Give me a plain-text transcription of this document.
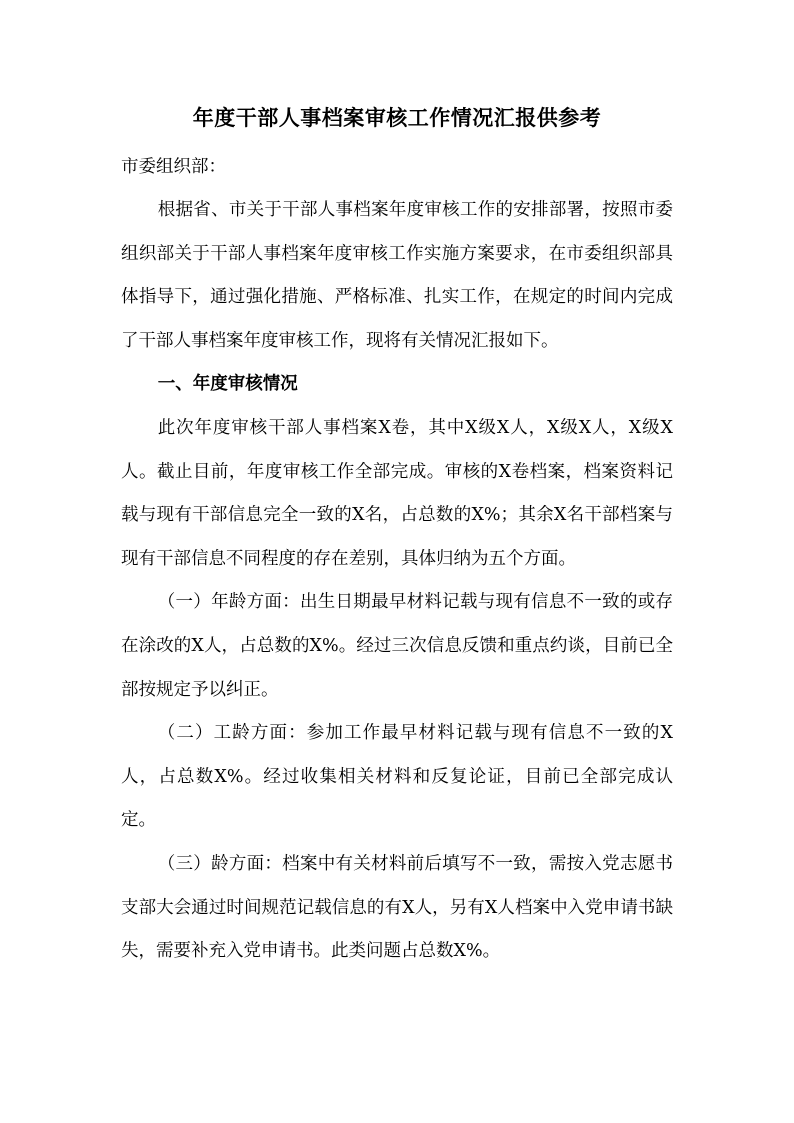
年度干部人事档案审核工作情况汇报供参考
市委组织部：

根据省、市关于干部人事档案年度审核工作的安排部署，按照市委组织部关于干部人事档案年度审核工作实施方案要求，在市委组织部具体指导下，通过强化措施、严格标准、扎实工作，在规定的时间内完成了干部人事档案年度审核工作，现将有关情况汇报如下。

一、年度审核情况

此次年度审核干部人事档案X卷，其中X级X人，X级X人，X级X人。截止目前，年度审核工作全部完成。审核的X卷档案，档案资料记载与现有干部信息完全一致的X名，占总数的X%；其余X名干部档案与现有干部信息不同程度的存在差别，具体归纳为五个方面。

（一）年龄方面：出生日期最早材料记载与现有信息不一致的或存在涂改的X人，占总数的X%。经过三次信息反馈和重点约谈，目前已全部按规定予以纠正。

（二）工龄方面：参加工作最早材料记载与现有信息不一致的X人，占总数X%。经过收集相关材料和反复论证，目前已全部完成认定。

（三）龄方面：档案中有关材料前后填写不一致，需按入党志愿书支部大会通过时间规范记载信息的有X人，另有X人档案中入党申请书缺失，需要补充入党申请书。此类问题占总数X%。
